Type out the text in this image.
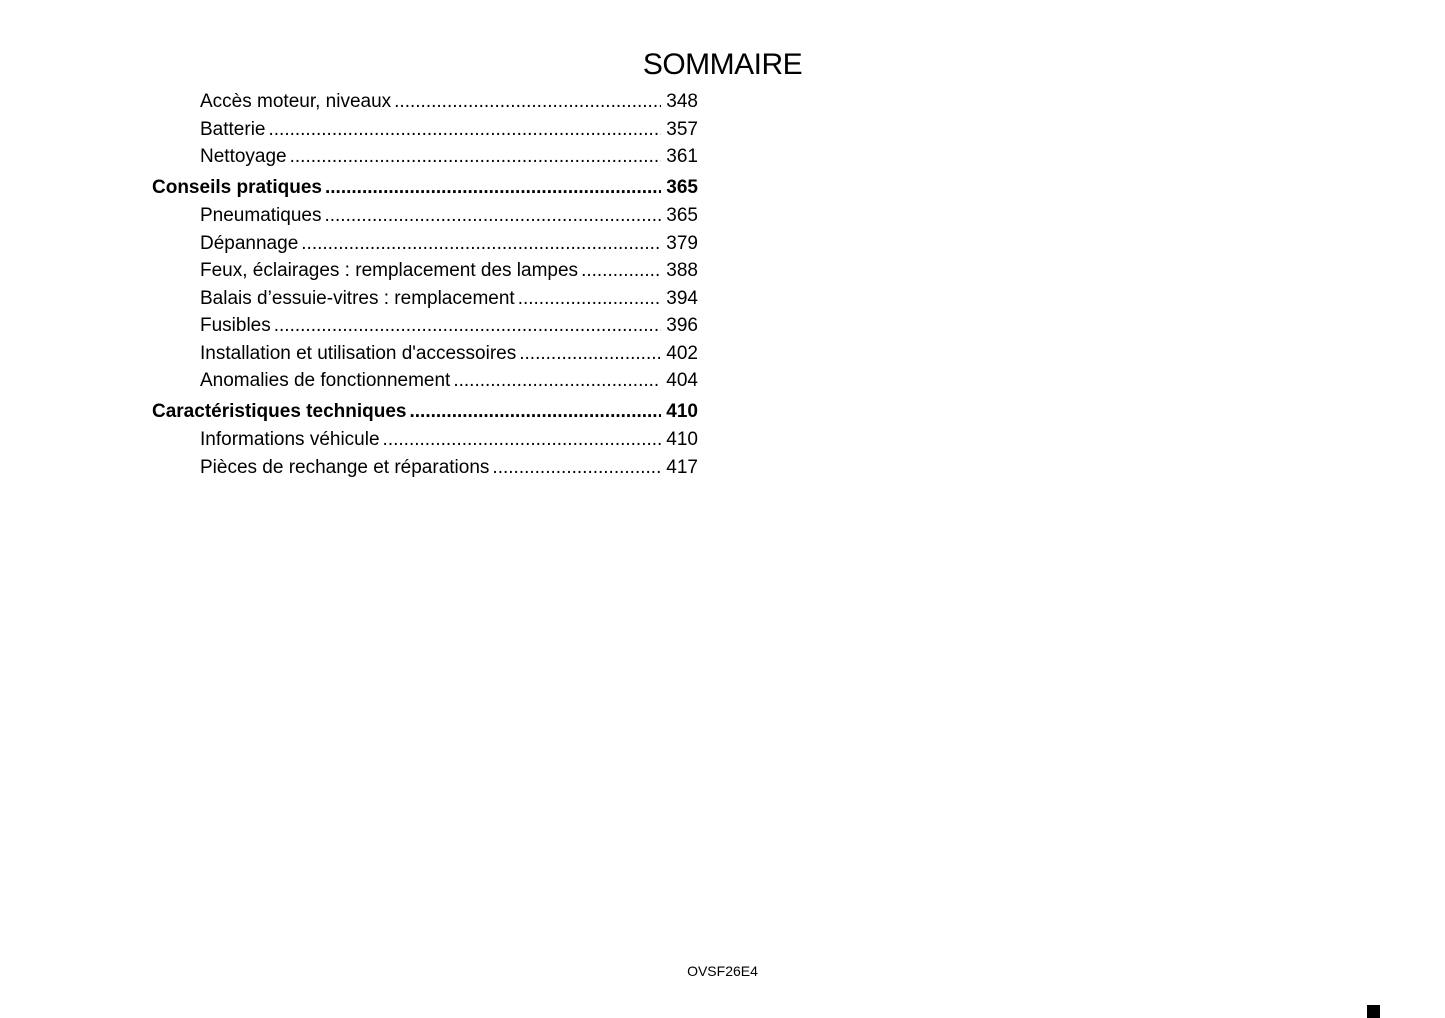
SOMMAIRE
Accès moteur, niveaux .....	348
Batterie .....	357
Nettoyage .....	361
Conseils pratiques .....	365
Pneumatiques .....	365
Dépannage .....	379
Feux, éclairages : remplacement des lampes .....	388
Balais d’essuie-vitres : remplacement .....	394
Fusibles .....	396
Installation et utilisation d'accessoires .....	402
Anomalies de fonctionnement .....	404
Caractéristiques techniques .....	410
Informations véhicule .....	410
Pièces de rechange et réparations .....	417
OVSF26E4
